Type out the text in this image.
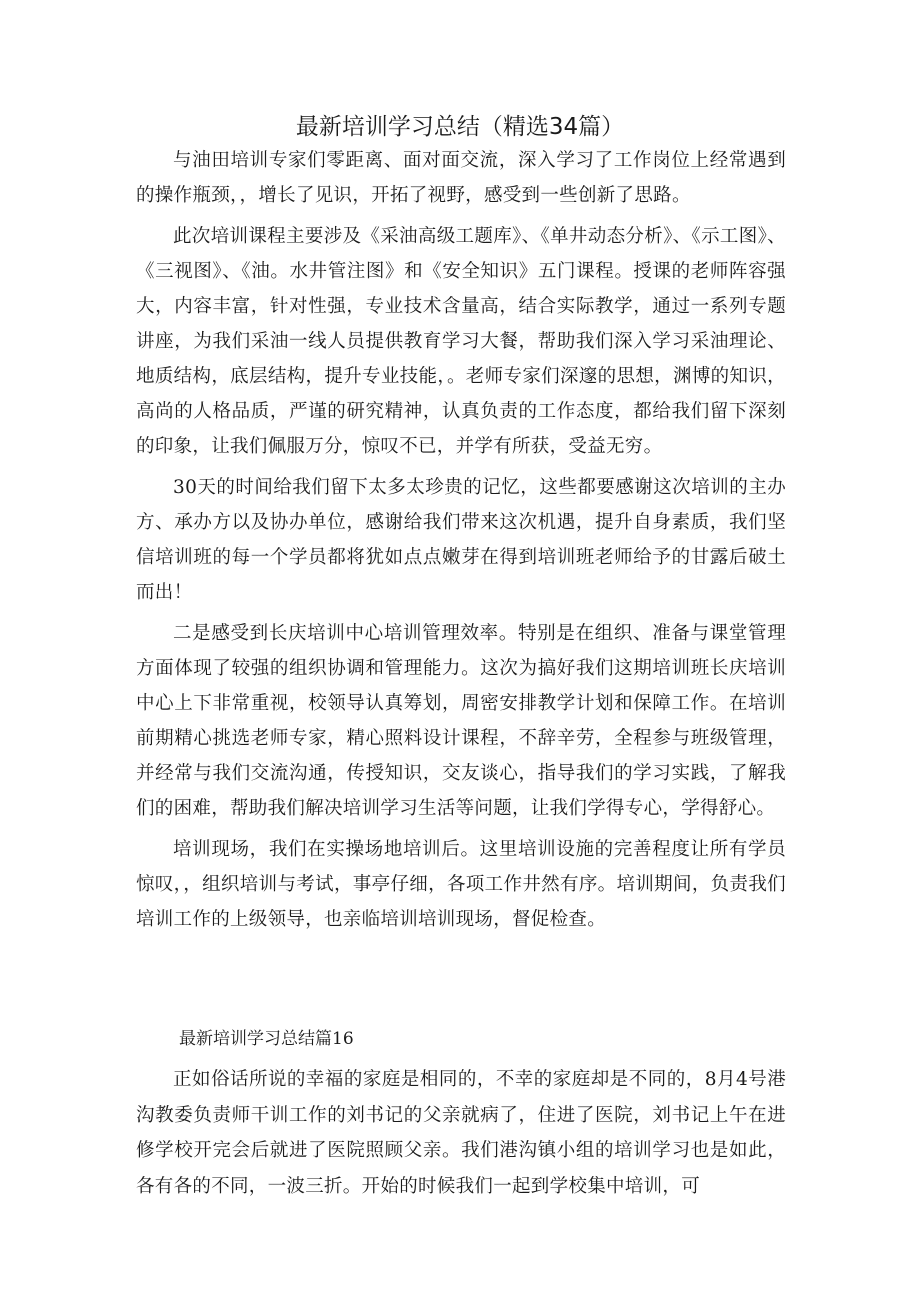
最新培训学习总结（精选34篇）

与油田培训专家们零距离、面对面交流，深入学习了工作岗位上经常遇到的操作瓶颈，，增长了见识，开拓了视野，感受到一些创新了思路。

此次培训课程主要涉及《采油高级工题库》、《单井动态分析》、《示工图》、《三视图》、《油。水井管注图》和《安全知识》五门课程。授课的老师阵容强大，内容丰富，针对性强，专业技术含量高，结合实际教学，通过一系列专题讲座，为我们采油一线人员提供教育学习大餐，帮助我们深入学习采油理论、地质结构，底层结构，提升专业技能，。老师专家们深邃的思想，渊博的知识，高尚的人格品质，严谨的研究精神，认真负责的工作态度，都给我们留下深刻的印象，让我们佩服万分，惊叹不已，并学有所获，受益无穷。

30天的时间给我们留下太多太珍贵的记忆，这些都要感谢这次培训的主办方、承办方以及协办单位，感谢给我们带来这次机遇，提升自身素质，我们坚信培训班的每一个学员都将犹如点点嫩芽在得到培训班老师给予的甘露后破土而出！

二是感受到长庆培训中心培训管理效率。特别是在组织、准备与课堂管理方面体现了较强的组织协调和管理能力。这次为搞好我们这期培训班长庆培训中心上下非常重视，校领导认真筹划，周密安排教学计划和保障工作。在培训前期精心挑选老师专家，精心照料设计课程，不辞辛劳，全程参与班级管理，并经常与我们交流沟通，传授知识，交友谈心，指导我们的学习实践，了解我们的困难，帮助我们解决培训学习生活等问题，让我们学得专心，学得舒心。

培训现场，我们在实操场地培训后。这里培训设施的完善程度让所有学员惊叹，，组织培训与考试，事亭仔细，各项工作井然有序。培训期间，负责我们培训工作的上级领导，也亲临培训培训现场，督促检查。

最新培训学习总结篇16

正如俗话所说的幸福的家庭是相同的，不幸的家庭却是不同的，8月4号港沟教委负责师干训工作的刘书记的父亲就病了，住进了医院，刘书记上午在进修学校开完会后就进了医院照顾父亲。我们港沟镇小组的培训学习也是如此，各有各的不同，一波三折。开始的时候我们一起到学校集中培训，可
